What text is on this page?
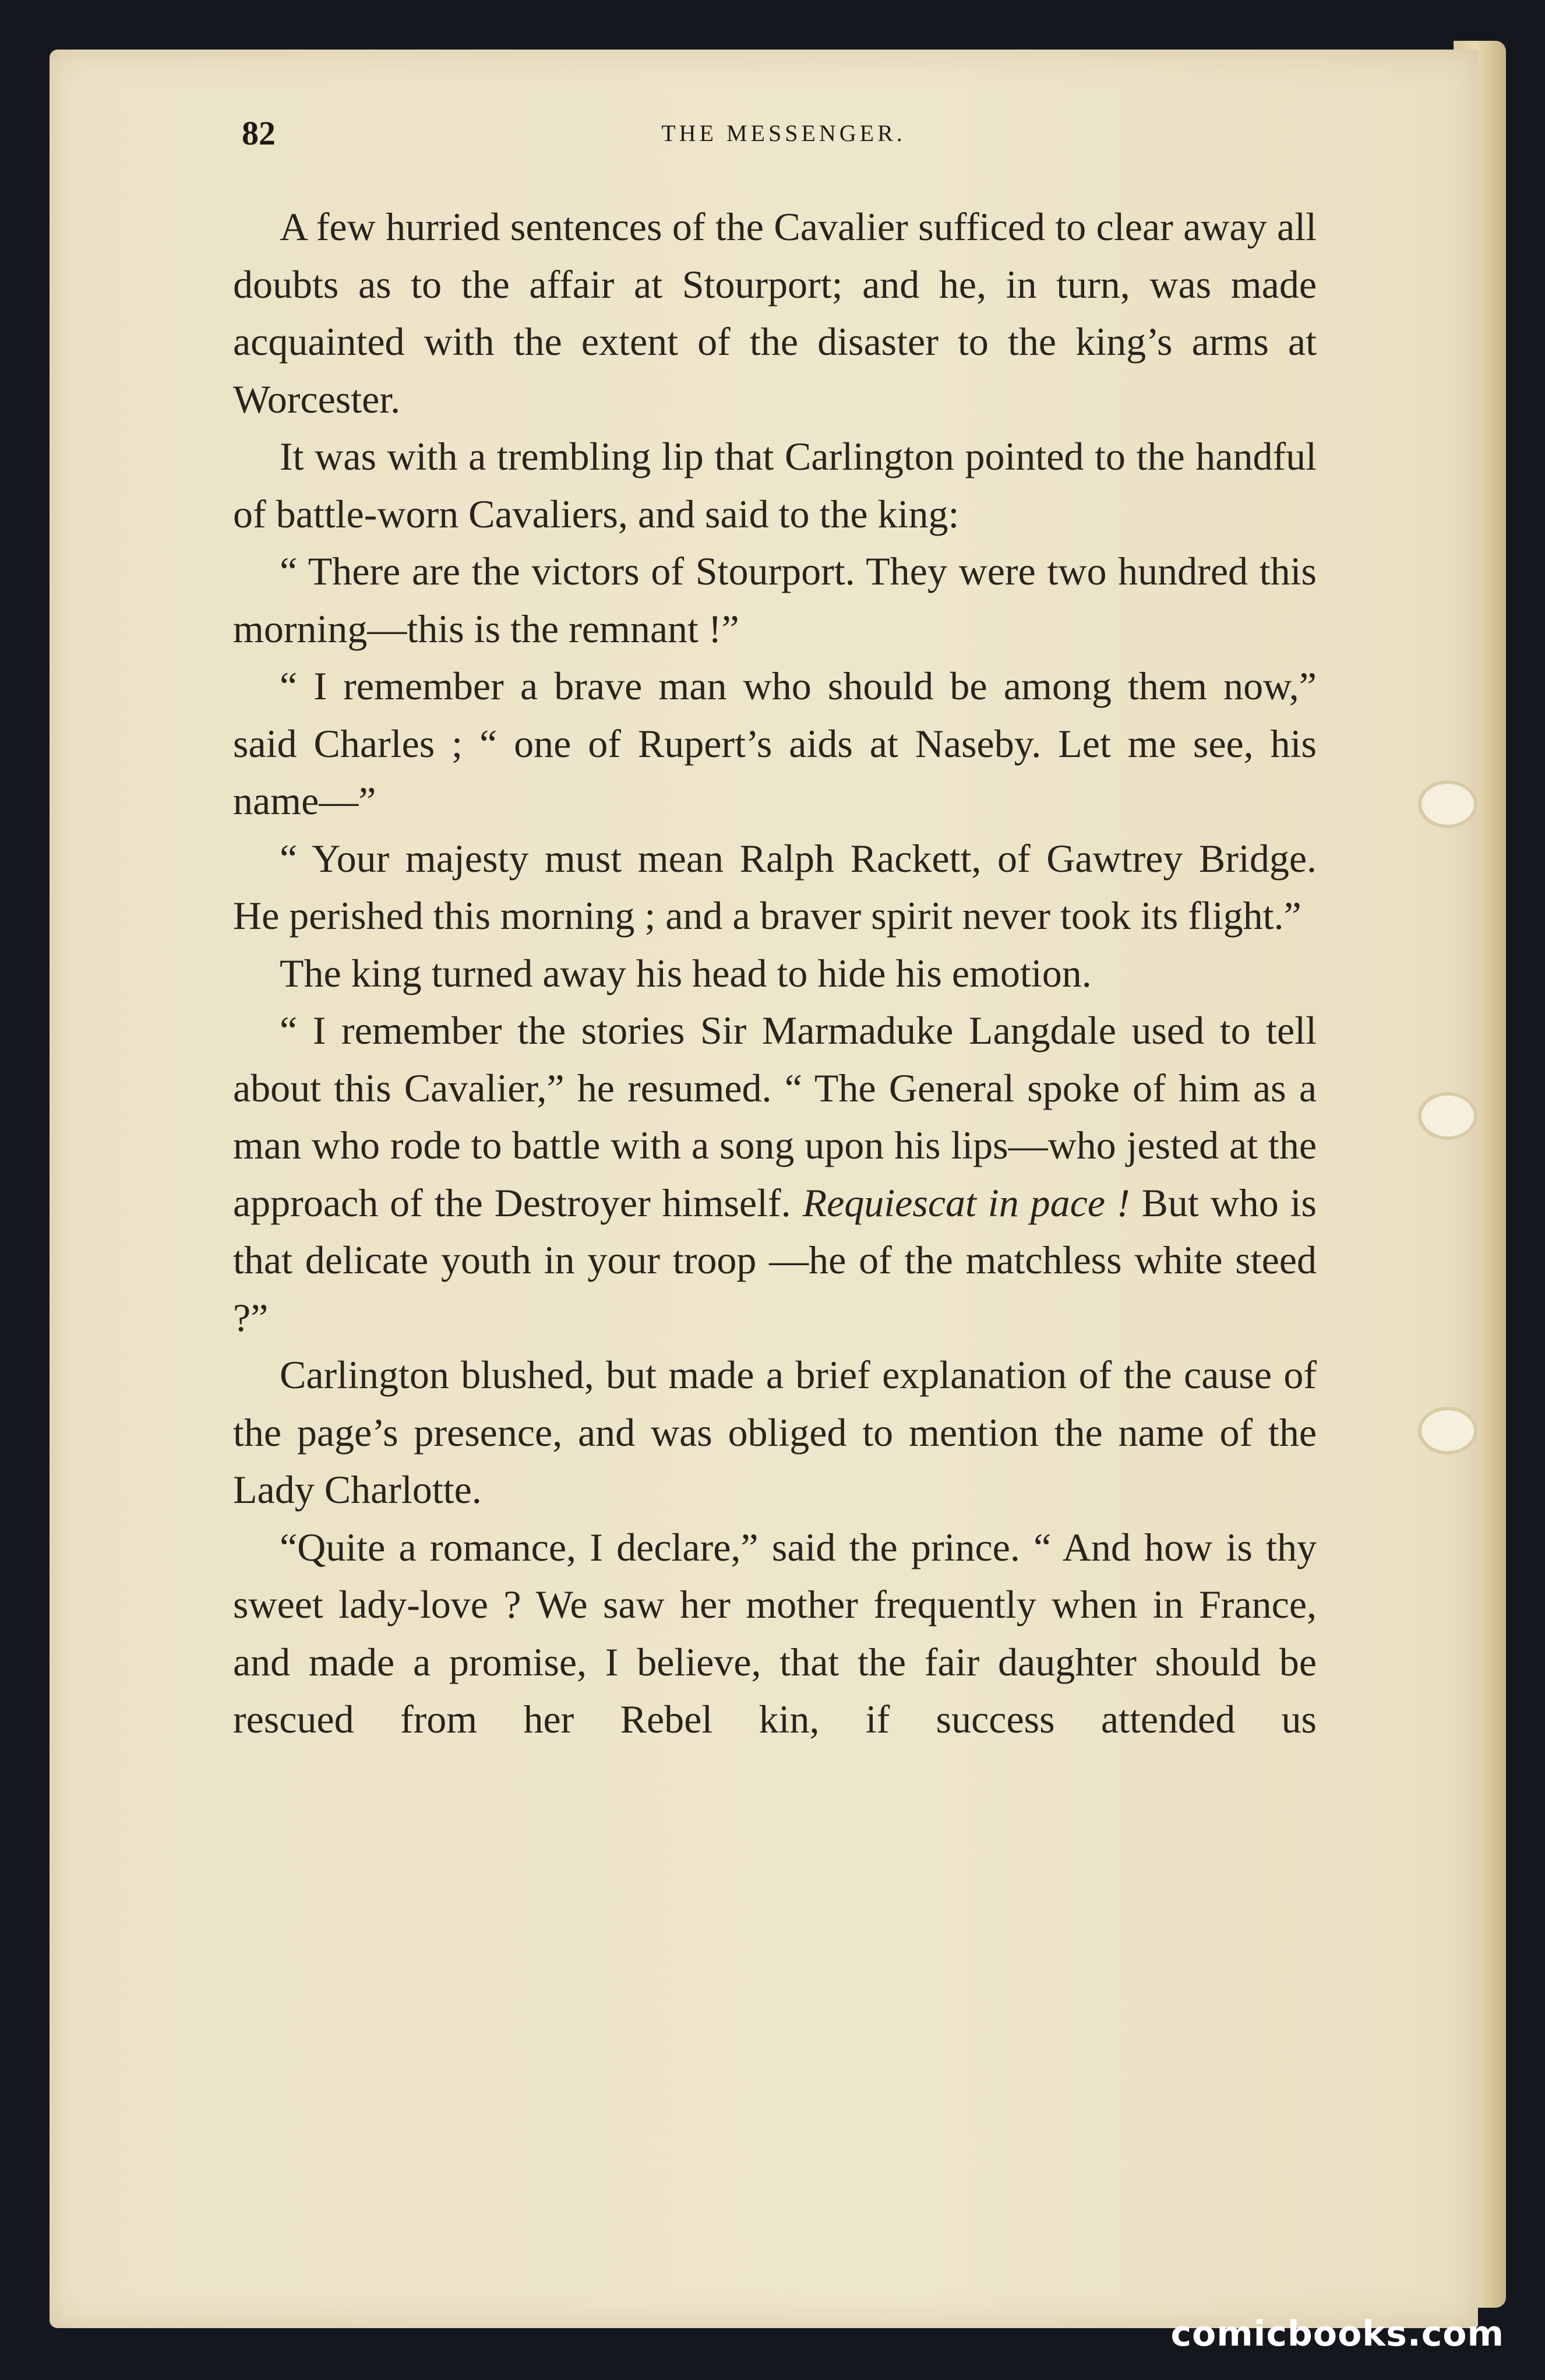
82	THE MESSENGER.

A few hurried sentences of the Cavalier sufficed to clear away all doubts as to the affair at Stourport; and he, in turn, was made acquainted with the extent of the disaster to the king’s arms at Worcester.

It was with a trembling lip that Carlington pointed to the handful of battle-worn Cavaliers, and said to the king:

“ There are the victors of Stourport. They were two hundred this morning—this is the remnant !”

“ I remember a brave man who should be among them now,” said Charles ; “ one of Rupert’s aids at Naseby. Let me see, his name—”

“ Your majesty must mean Ralph Rackett, of Gawtrey Bridge. He perished this morning ; and a braver spirit never took its flight.”

The king turned away his head to hide his emotion.

“ I remember the stories Sir Marmaduke Langdale used to tell about this Cavalier,” he resumed. “ The General spoke of him as a man who rode to battle with a song upon his lips—who jested at the approach of the Destroyer himself. Requiescat in pace ! But who is that delicate youth in your troop —he of the matchless white steed ?”

Carlington blushed, but made a brief explanation of the cause of the page’s presence, and was obliged to mention the name of the Lady Charlotte.

“Quite a romance, I declare,” said the prince. “ And how is thy sweet lady-love ? We saw her mother frequently when in France, and made a promise, I believe, that the fair daughter should be rescued from her Rebel kin, if success attended us

comicbooks.com
